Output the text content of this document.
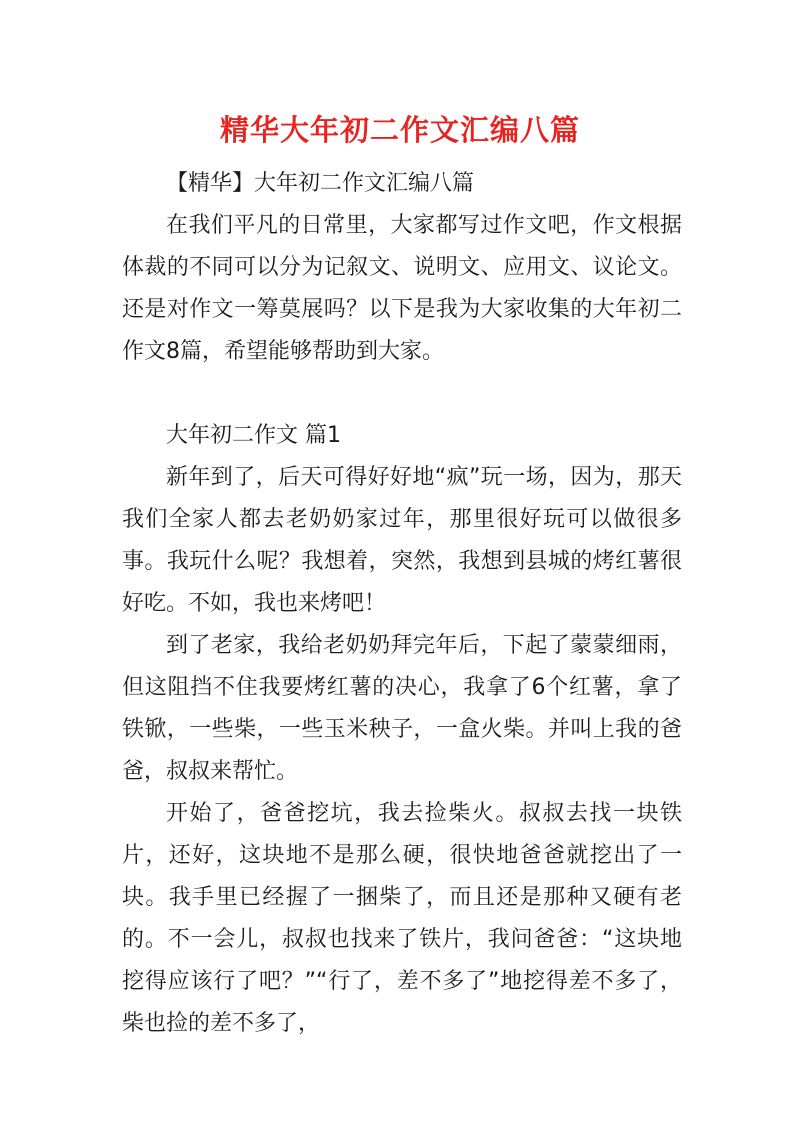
精华大年初二作文汇编八篇

【精华】大年初二作文汇编八篇

在我们平凡的日常里，大家都写过作文吧，作文根据体裁的不同可以分为记叙文、说明文、应用文、议论文。还是对作文一筹莫展吗？以下是我为大家收集的大年初二作文8篇，希望能够帮助到大家。

大年初二作文 篇1

新年到了，后天可得好好地“疯”玩一场，因为，那天我们全家人都去老奶奶家过年，那里很好玩可以做很多事。我玩什么呢？我想着，突然，我想到县城的烤红薯很好吃。不如，我也来烤吧！

到了老家，我给老奶奶拜完年后，下起了蒙蒙细雨，但这阻挡不住我要烤红薯的决心，我拿了6个红薯，拿了铁锨，一些柴，一些玉米秧子，一盒火柴。并叫上我的爸爸，叔叔来帮忙。

开始了，爸爸挖坑，我去捡柴火。叔叔去找一块铁片，还好，这块地不是那么硬，很快地爸爸就挖出了一块。我手里已经握了一捆柴了，而且还是那种又硬有老的。不一会儿，叔叔也找来了铁片，我问爸爸：“这块地挖得应该行了吧？”“行了，差不多了”地挖得差不多了，柴也捡的差不多了，
